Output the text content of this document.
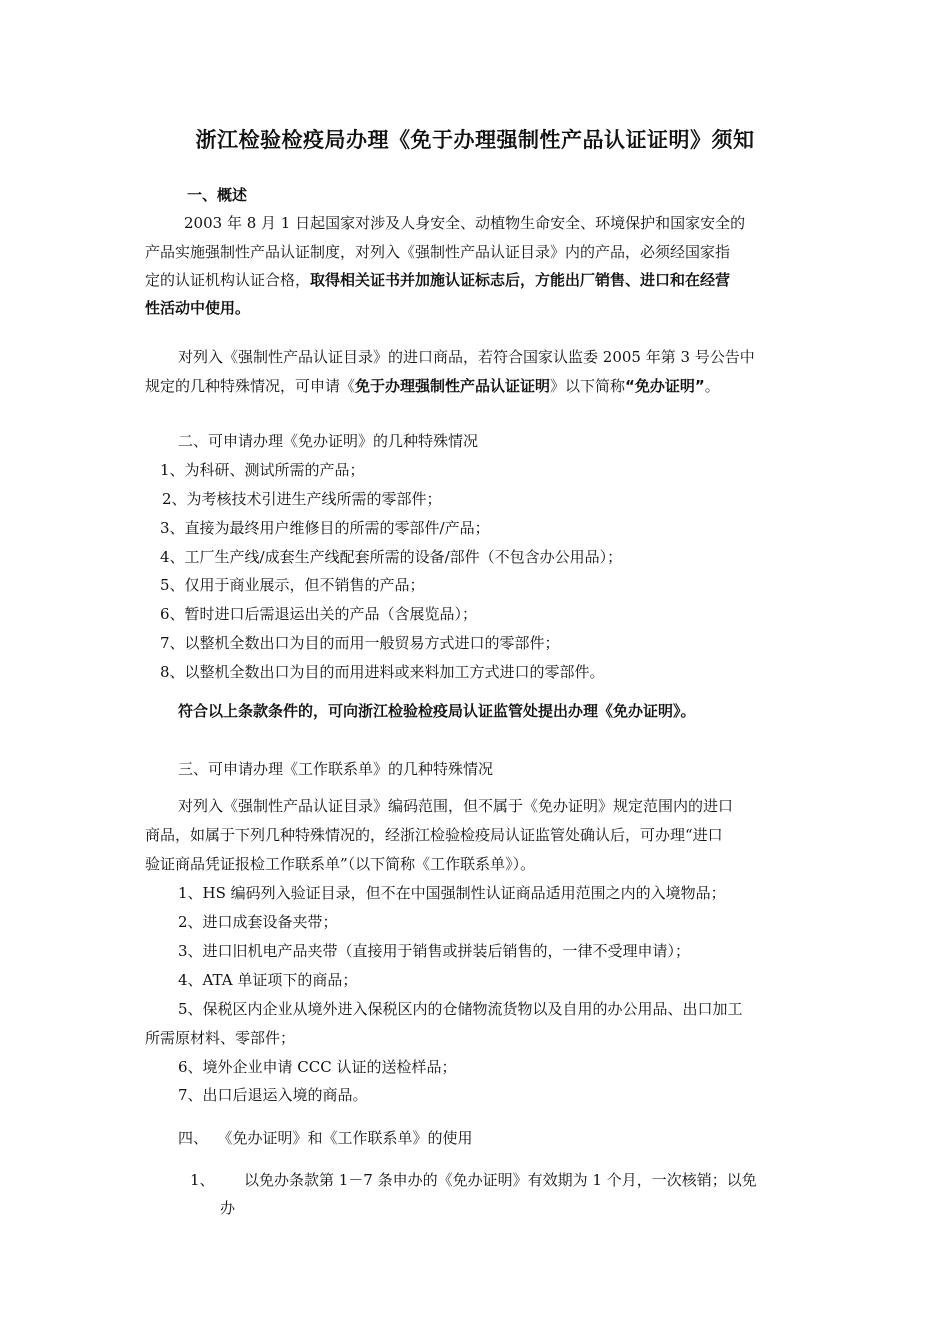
浙江检验检疫局办理《免于办理强制性产品认证证明》须知
一、概述
2003 年 8 月 1 日起国家对涉及人身安全、动植物生命安全、环境保护和国家安全的
产品实施强制性产品认证制度，对列入《强制性产品认证目录》内的产品，必须经国家指
定的认证机构认证合格，取得相关证书并加施认证标志后，方能出厂销售、进口和在经营
性活动中使用。
对列入《强制性产品认证目录》的进口商品，若符合国家认监委 2005 年第 3 号公告中
规定的几种特殊情况，可申请《免于办理强制性产品认证证明》以下简称“免办证明”。
二、可申请办理《免办证明》的几种特殊情况
1、为科研、测试所需的产品；
2、为考核技术引进生产线所需的零部件；
3、直接为最终用户维修目的所需的零部件/产品；
4、工厂生产线/成套生产线配套所需的设备/部件（不包含办公用品）；
5、仅用于商业展示，但不销售的产品；
6、暂时进口后需退运出关的产品（含展览品）；
7、以整机全数出口为目的而用一般贸易方式进口的零部件；
8、以整机全数出口为目的而用进料或来料加工方式进口的零部件。
符合以上条款条件的，可向浙江检验检疫局认证监管处提出办理《免办证明》。
三、可申请办理《工作联系单》的几种特殊情况
对列入《强制性产品认证目录》编码范围，但不属于《免办证明》规定范围内的进口
商品，如属于下列几种特殊情况的，经浙江检验检疫局认证监管处确认后，可办理“进口
验证商品凭证报检工作联系单”（以下简称《工作联系单》）。
1、HS 编码列入验证目录，但不在中国强制性认证商品适用范围之内的入境物品；
2、进口成套设备夹带；
3、进口旧机电产品夹带（直接用于销售或拼装后销售的，一律不受理申请）；
4、ATA 单证项下的商品；
5、保税区内企业从境外进入保税区内的仓储物流货物以及自用的办公用品、出口加工
所需原材料、零部件；
6、境外企业申请 CCC 认证的送检样品；
7、出口后退运入境的商品。
四、  《免办证明》和《工作联系单》的使用
1、 以免办条款第 1－7 条申办的《免办证明》有效期为 1 个月，一次核销；以免
办
